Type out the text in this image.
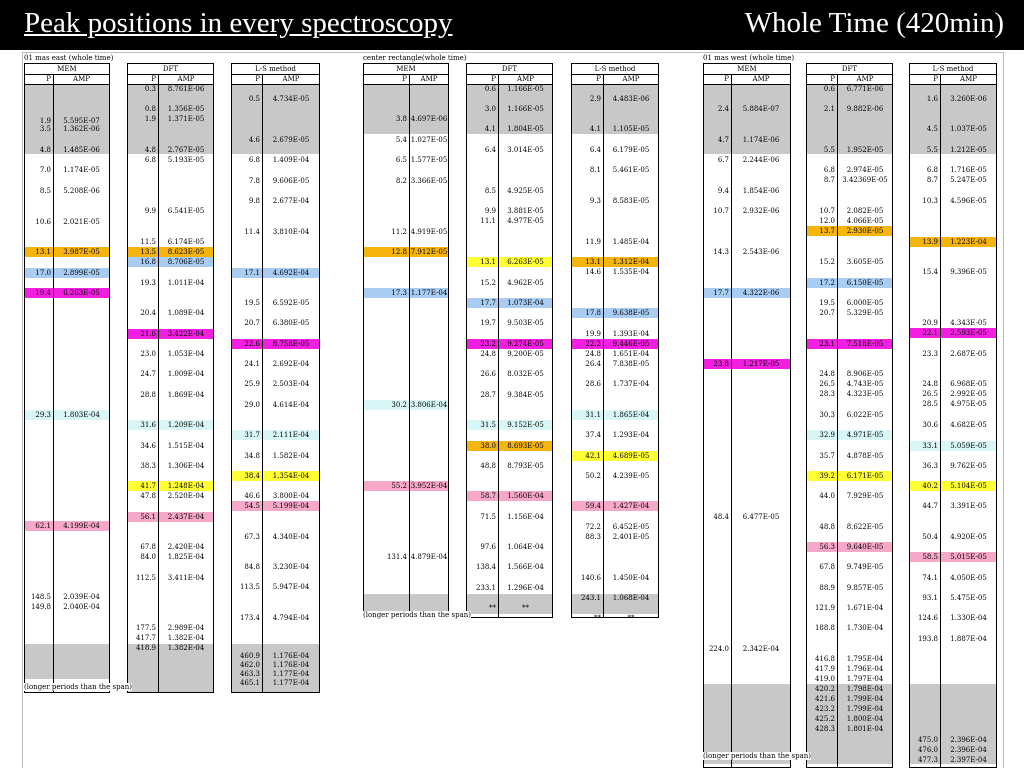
Peak positions in every spectroscopy	Whole Time (420min)
MEM
P	AMP
1.9	5.595E-07
3.5	1.362E-06
4.8	1.485E-06
7.0	1.174E-05
8.5	5.208E-06
10.6	2.021E-05
13.1	3.987E-05
17.0	2.899E-05
19.4	6.263E-05
29.3	1.803E-04
62.1	4.199E-04
148.5	2.039E-04
149.8	2.040E-04
DFT
P	AMP
0.3	8.761E-06
0.8	1.356E-05
1.9	1.371E-05
4.8	2.767E-05
6.8	5.193E-05
9.9	6.541E-05
11.5	6.174E-05
13.5	8.623E-05
16.8	8.706E-05
19.3	1.011E-04
20.4	1.089E-04
21.6	3.422E-04
23.0	1.053E-04
24.7	1.009E-04
28.8	1.869E-04
31.6	1.209E-04
34.6	1.515E-04
38.3	1.306E-04
41.7	1.248E-04
47.8	2.520E-04
56.1	2.437E-04
67.8	2.420E-04
84.0	1.825E-04
112.5	3.411E-04
177.5	2.989E-04
417.7	1.382E-04
418.9	1.382E-04
L-S method
P	AMP
0.5	4.734E-05
4.6	2.679E-05
6.8	1.409E-04
7.8	9.606E-05
9.8	2.677E-04
11.4	3.810E-04
17.1	4.692E-04
19.5	6.592E-05
20.7	6.380E-05
22.6	8.758E-05
24.1	2.692E-04
25.9	2.503E-04
29.0	4.614E-04
31.7	2.111E-04
34.8	1.582E-04
38.4	1.354E-04
46.6	3.800E-04
54.5	5.199E-04
67.3	4.340E-04
84.8	3.230E-04
113.5	5.947E-04
173.4	4.794E-04
460.9	1.176E-04
462.0	1.176E-04
463.3	1.177E-04
465.1	1.177E-04
01 mas east (whole time)
(longer periods than the span)
MEM
P	AMP
3.8 4.697E-06
5.4 1.027E-05
6.5 1.577E-05
8.2 3.366E-05
11.2 4.919E-05
12.8 7.912E-05
17.3 1.177E-04
30.2 3.806E-04
55.2 3.952E-04
131.4 4.879E-04
DFT
P	AMP
0.6	1.166E-05
3.0	1.166E-05
4.1	1.804E-05
6.4	3.014E-05
8.5	4.925E-05
9.9	3.881E-05
11.1	4.977E-05
13.1	6.263E-05
15.2	4.962E-05
17.7	1.073E-04
19.7	9.503E-05
23.2	9.274E-05
24.8	9.200E-05
26.6	8.032E-05
28.7	9.384E-05
31.5	9.152E-05
38.0	8.693E-05
48.8	8.793E-05
58.7	1.560E-04
71.5	1.156E-04
97.6	1.064E-04
138.4	1.566E-04
233.1	1.296E-04
**	**
L-S method
P	AMP
2.9	4.483E-06
4.1	1.105E-05
6.4	6.179E-05
8.1	5.461E-05
9.3	8.583E-05
11.9	1.485E-04
13.1	1.312E-04
14.6	1.535E-04
17.8	9.638E-05
19.9	1.393E-04
22.2	9.446E-05
24.8	1.651E-04
26.4	7.838E-05
28.6	1.737E-04
31.1	1.865E-04
37.4	1.293E-04
42.1	4.689E-05
50.2	4.239E-05
59.4	1.427E-04
72.2	6.452E-05
88.3	2.401E-05
140.6	1.450E-04
243.1	1.068E-04
**	**
center rectangle(whole time)
(longer periods than the span)
MEM
P	AMP
2.4	5.884E-07
4.7	1.174E-06
6.7	2.244E-06
9.4	1.854E-06
10.7	2.932E-06
14.3	2.543E-06
17.7	4.322E-06
23.8	1.217E-05
48.4	6.477E-05
224.0	2.342E-04
DFT
P	AMP
0.6	6.771E-06
2.1	9.882E-06
5.5	1.952E-05
6.8	2.974E-05
8.7	3.42369E-05
10.7	2.082E-05
12.0	4.066E-05
13.7	2.930E-05
15.2	3.605E-05
17.2	6.150E-05
19.5	6.000E-05
20.7	5.329E-05
23.1	7.518E-05
24.8	8.906E-05
26.5	4.743E-05
28.3	4.323E-05
30.3	6.022E-05
32.9	4.971E-05
35.7	4.878E-05
39.2	6.171E-05
44.0	7.929E-05
48.8	8.622E-05
56.3	9.640E-05
67.8	9.749E-05
88.9	9.857E-05
121.9	1.671E-04
188.8	1.730E-04
416.8	1.795E-04
417.9	1.796E-04
419.0	1.797E-04
420.2	1.798E-04
421.6	1.799E-04
423.2	1.799E-04
425.2	1.800E-04
428.3	1.801E-04
L-S method
P	AMP
1.6	3.260E-06
4.5	1.037E-05
5.5	1.212E-05
6.8	1.716E-05
8.7	5.247E-05
10.3	4.596E-05
13.9	1.223E-04
15.4	9.396E-05
20.9	4.343E-05
22.1	2.593E-05
23.3	2.687E-05
24.8	6.968E-05
26.5	2.992E-05
28.5	4.975E-05
30.6	4.682E-05
33.1	5.059E-05
36.3	9.762E-05
40.2	5.104E-05
44.7	3.391E-05
50.4	4.920E-05
58.5	5.015E-05
74.1	4.050E-05
93.1	5.475E-05
124.6	1.330E-04
193.8	1.887E-04
475.0	2.396E-04
476.0	2.396E-04
477.3	2.397E-04
01 mas west (whole time)
(longer periods than the span)
